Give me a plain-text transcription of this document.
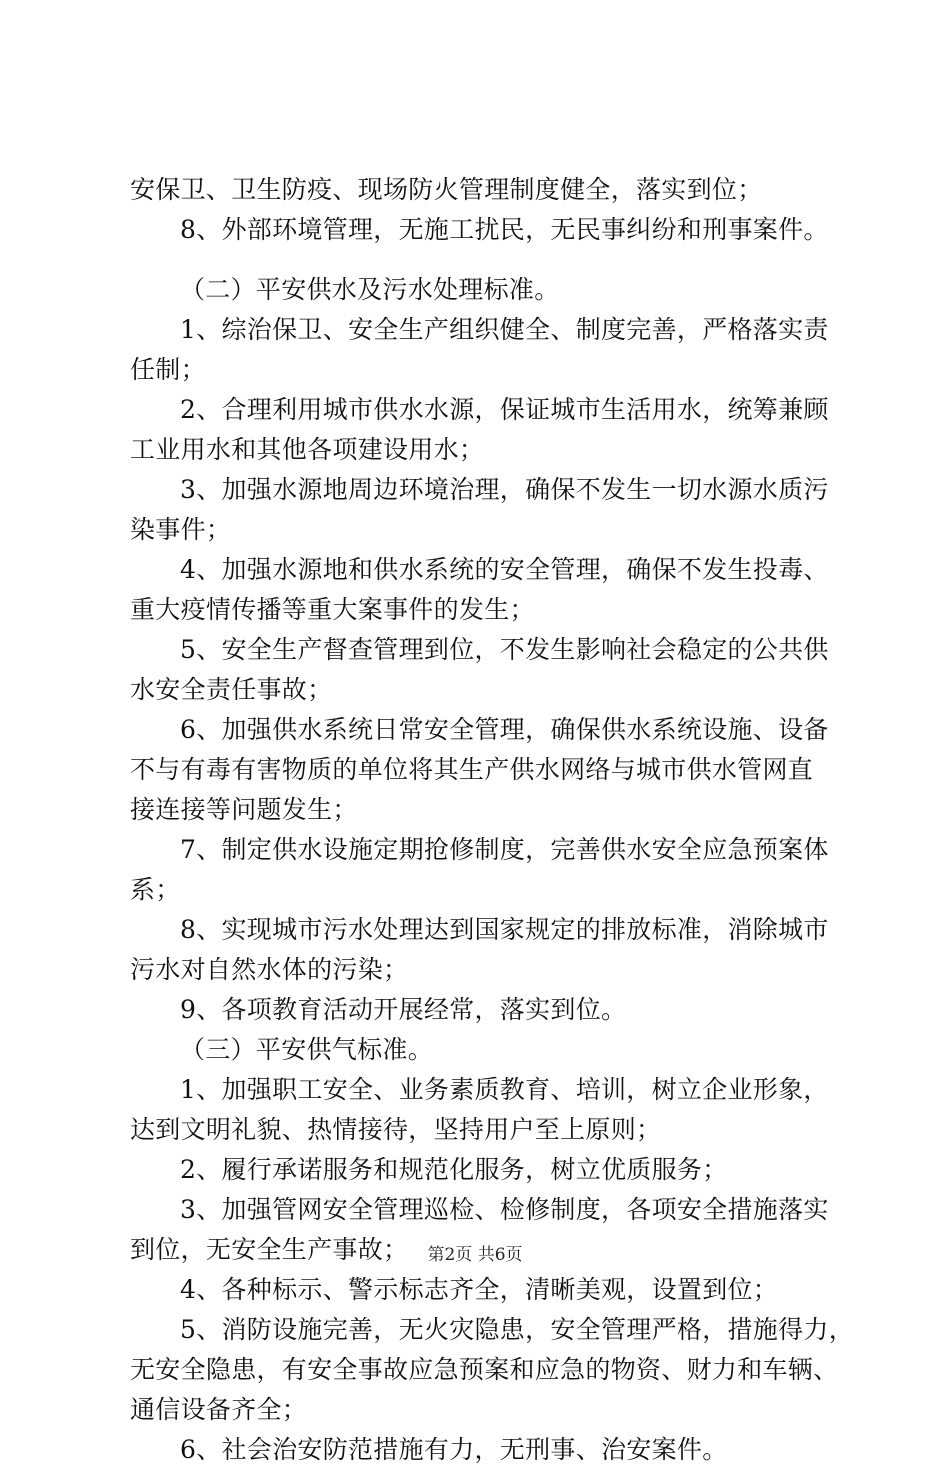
安保卫、卫生防疫、现场防火管理制度健全，落实到位；
8、外部环境管理，无施工扰民，无民事纠纷和刑事案件。
（二）平安供水及污水处理标准。
1、综治保卫、安全生产组织健全、制度完善，严格落实责
任制；
2、合理利用城市供水水源，保证城市生活用水，统筹兼顾
工业用水和其他各项建设用水；
3、加强水源地周边环境治理，确保不发生一切水源水质污
染事件；
4、加强水源地和供水系统的安全管理，确保不发生投毒、
重大疫情传播等重大案事件的发生；
5、安全生产督查管理到位，不发生影响社会稳定的公共供
水安全责任事故；
6、加强供水系统日常安全管理，确保供水系统设施、设备
不与有毒有害物质的单位将其生产供水网络与城市供水管网直
接连接等问题发生；
7、制定供水设施定期抢修制度，完善供水安全应急预案体
系；
8、实现城市污水处理达到国家规定的排放标准，消除城市
污水对自然水体的污染；
9、各项教育活动开展经常，落实到位。
（三）平安供气标准。
1、加强职工安全、业务素质教育、培训，树立企业形象，
达到文明礼貌、热情接待，坚持用户至上原则；
2、履行承诺服务和规范化服务，树立优质服务；
3、加强管网安全管理巡检、检修制度，各项安全措施落实
到位，无安全生产事故；
4、各种标示、警示标志齐全，清晰美观，设置到位；
5、消防设施完善，无火灾隐患，安全管理严格，措施得力，
无安全隐患，有安全事故应急预案和应急的物资、财力和车辆、
通信设备齐全；
6、社会治安防范措施有力，无刑事、治安案件。
第2页 共6页
